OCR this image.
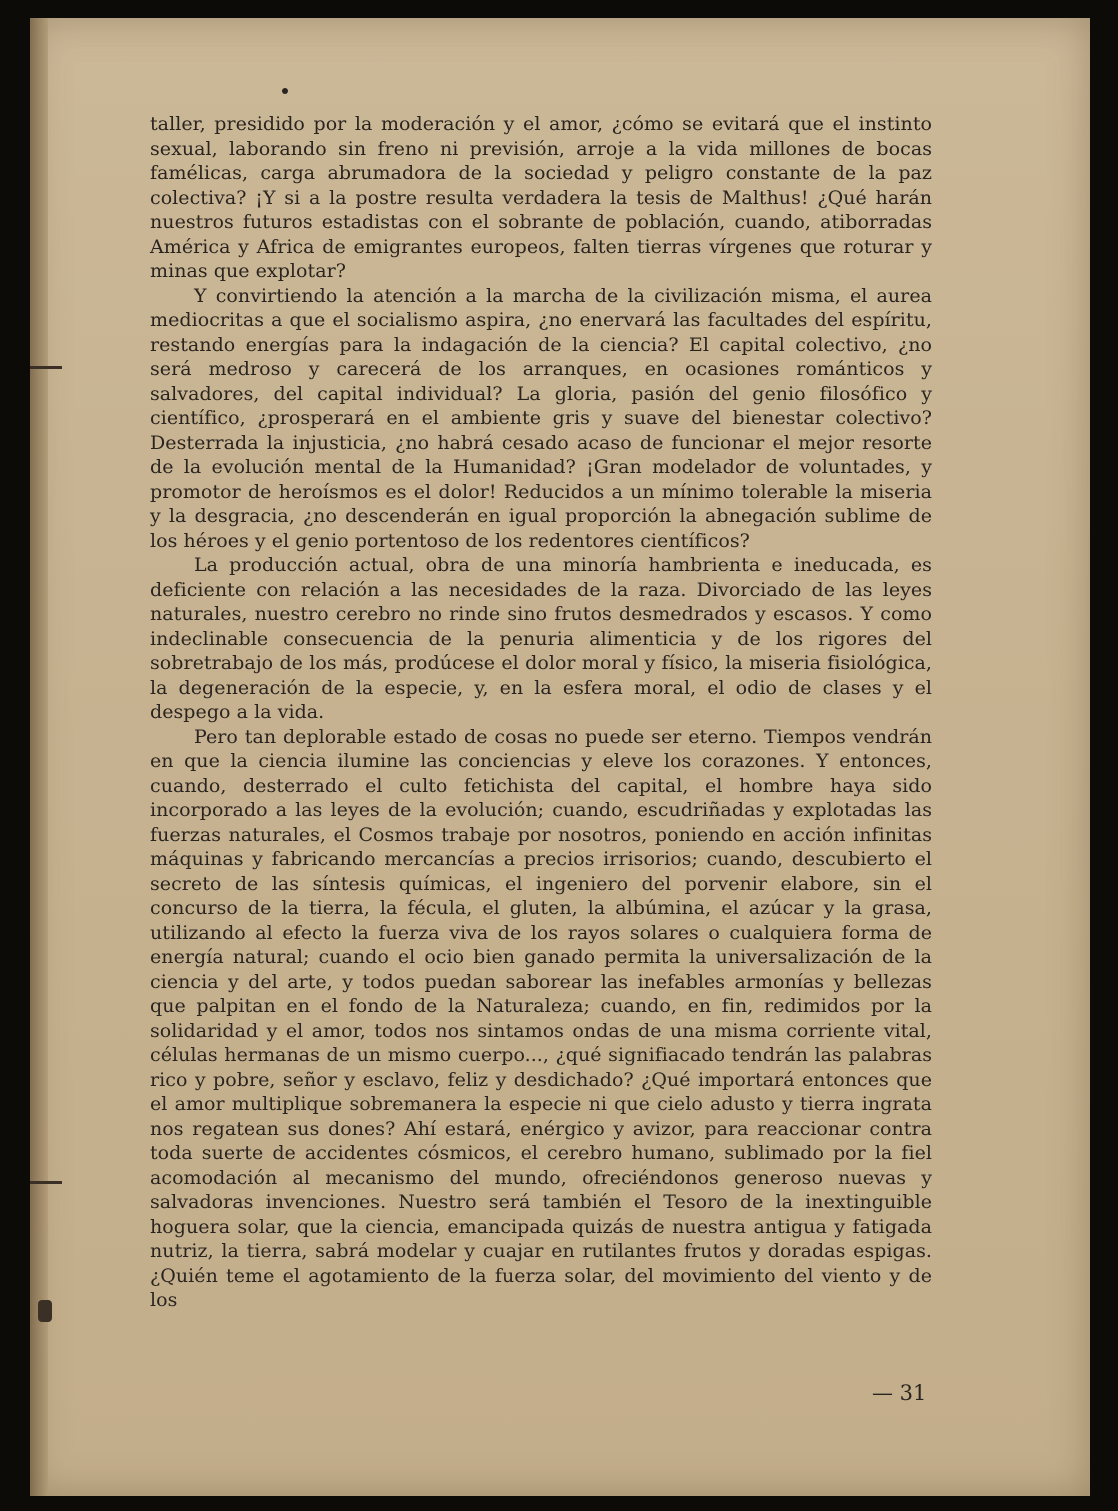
taller, presidido por la moderación y el amor, ¿cómo se evitará que el instinto sexual, laborando sin freno ni previsión, arroje a la vida millones de bocas famélicas, carga abrumadora de la sociedad y peligro constante de la paz colectiva? ¡Y si a la postre resulta verdadera la tesis de Malthus! ¿Qué harán nuestros futuros estadistas con el sobrante de población, cuando, atiborradas América y Africa de emigrantes europeos, falten tierras vírgenes que roturar y minas que explotar?

Y convirtiendo la atención a la marcha de la civilización misma, el aurea mediocritas a que el socialismo aspira, ¿no enervará las facultades del espíritu, restando energías para la indagación de la ciencia? El capital colectivo, ¿no será medroso y carecerá de los arranques, en ocasiones románticos y salvadores, del capital individual? La gloria, pasión del genio filosófico y científico, ¿prosperará en el ambiente gris y suave del bienestar colectivo? Desterrada la injusticia, ¿no habrá cesado acaso de funcionar el mejor resorte de la evolución mental de la Humanidad? ¡Gran modelador de voluntades, y promotor de heroísmos es el dolor! Reducidos a un mínimo tolerable la miseria y la desgracia, ¿no descenderán en igual proporción la abnegación sublime de los héroes y el genio portentoso de los redentores científicos?

La producción actual, obra de una minoría hambrienta e ineducada, es deficiente con relación a las necesidades de la raza. Divorciado de las leyes naturales, nuestro cerebro no rinde sino frutos desmedrados y escasos. Y como indeclinable consecuencia de la penuria alimenticia y de los rigores del sobretrabajo de los más, prodúcese el dolor moral y físico, la miseria fisiológica, la degeneración de la especie, y, en la esfera moral, el odio de clases y el despego a la vida.

Pero tan deplorable estado de cosas no puede ser eterno. Tiempos vendrán en que la ciencia ilumine las conciencias y eleve los corazones. Y entonces, cuando, desterrado el culto fetichista del capital, el hombre haya sido incorporado a las leyes de la evolución; cuando, escudriñadas y explotadas las fuerzas naturales, el Cosmos trabaje por nosotros, poniendo en acción infinitas máquinas y fabricando mercancías a precios irrisorios; cuando, descubierto el secreto de las síntesis químicas, el ingeniero del porvenir elabore, sin el concurso de la tierra, la fécula, el gluten, la albúmina, el azúcar y la grasa, utilizando al efecto la fuerza viva de los rayos solares o cualquiera forma de energía natural; cuando el ocio bien ganado permita la universalización de la ciencia y del arte, y todos puedan saborear las inefables armonías y bellezas que palpitan en el fondo de la Naturaleza; cuando, en fin, redimidos por la solidaridad y el amor, todos nos sintamos ondas de una misma corriente vital, células hermanas de un mismo cuerpo..., ¿qué signifiacado tendrán las palabras rico y pobre, señor y esclavo, feliz y desdichado? ¿Qué importará entonces que el amor multiplique sobremanera la especie ni que cielo adusto y tierra ingrata nos regatean sus dones? Ahí estará, enérgico y avizor, para reaccionar contra toda suerte de accidentes cósmicos, el cerebro humano, sublimado por la fiel acomodación al mecanismo del mundo, ofreciéndonos generoso nuevas y salvadoras invenciones. Nuestro será también el Tesoro de la inextinguible hoguera solar, que la ciencia, emancipada quizás de nuestra antigua y fatigada nutriz, la tierra, sabrá modelar y cuajar en rutilantes frutos y doradas espigas. ¿Quién teme el agotamiento de la fuerza solar, del movimiento del viento y de los

— 31
